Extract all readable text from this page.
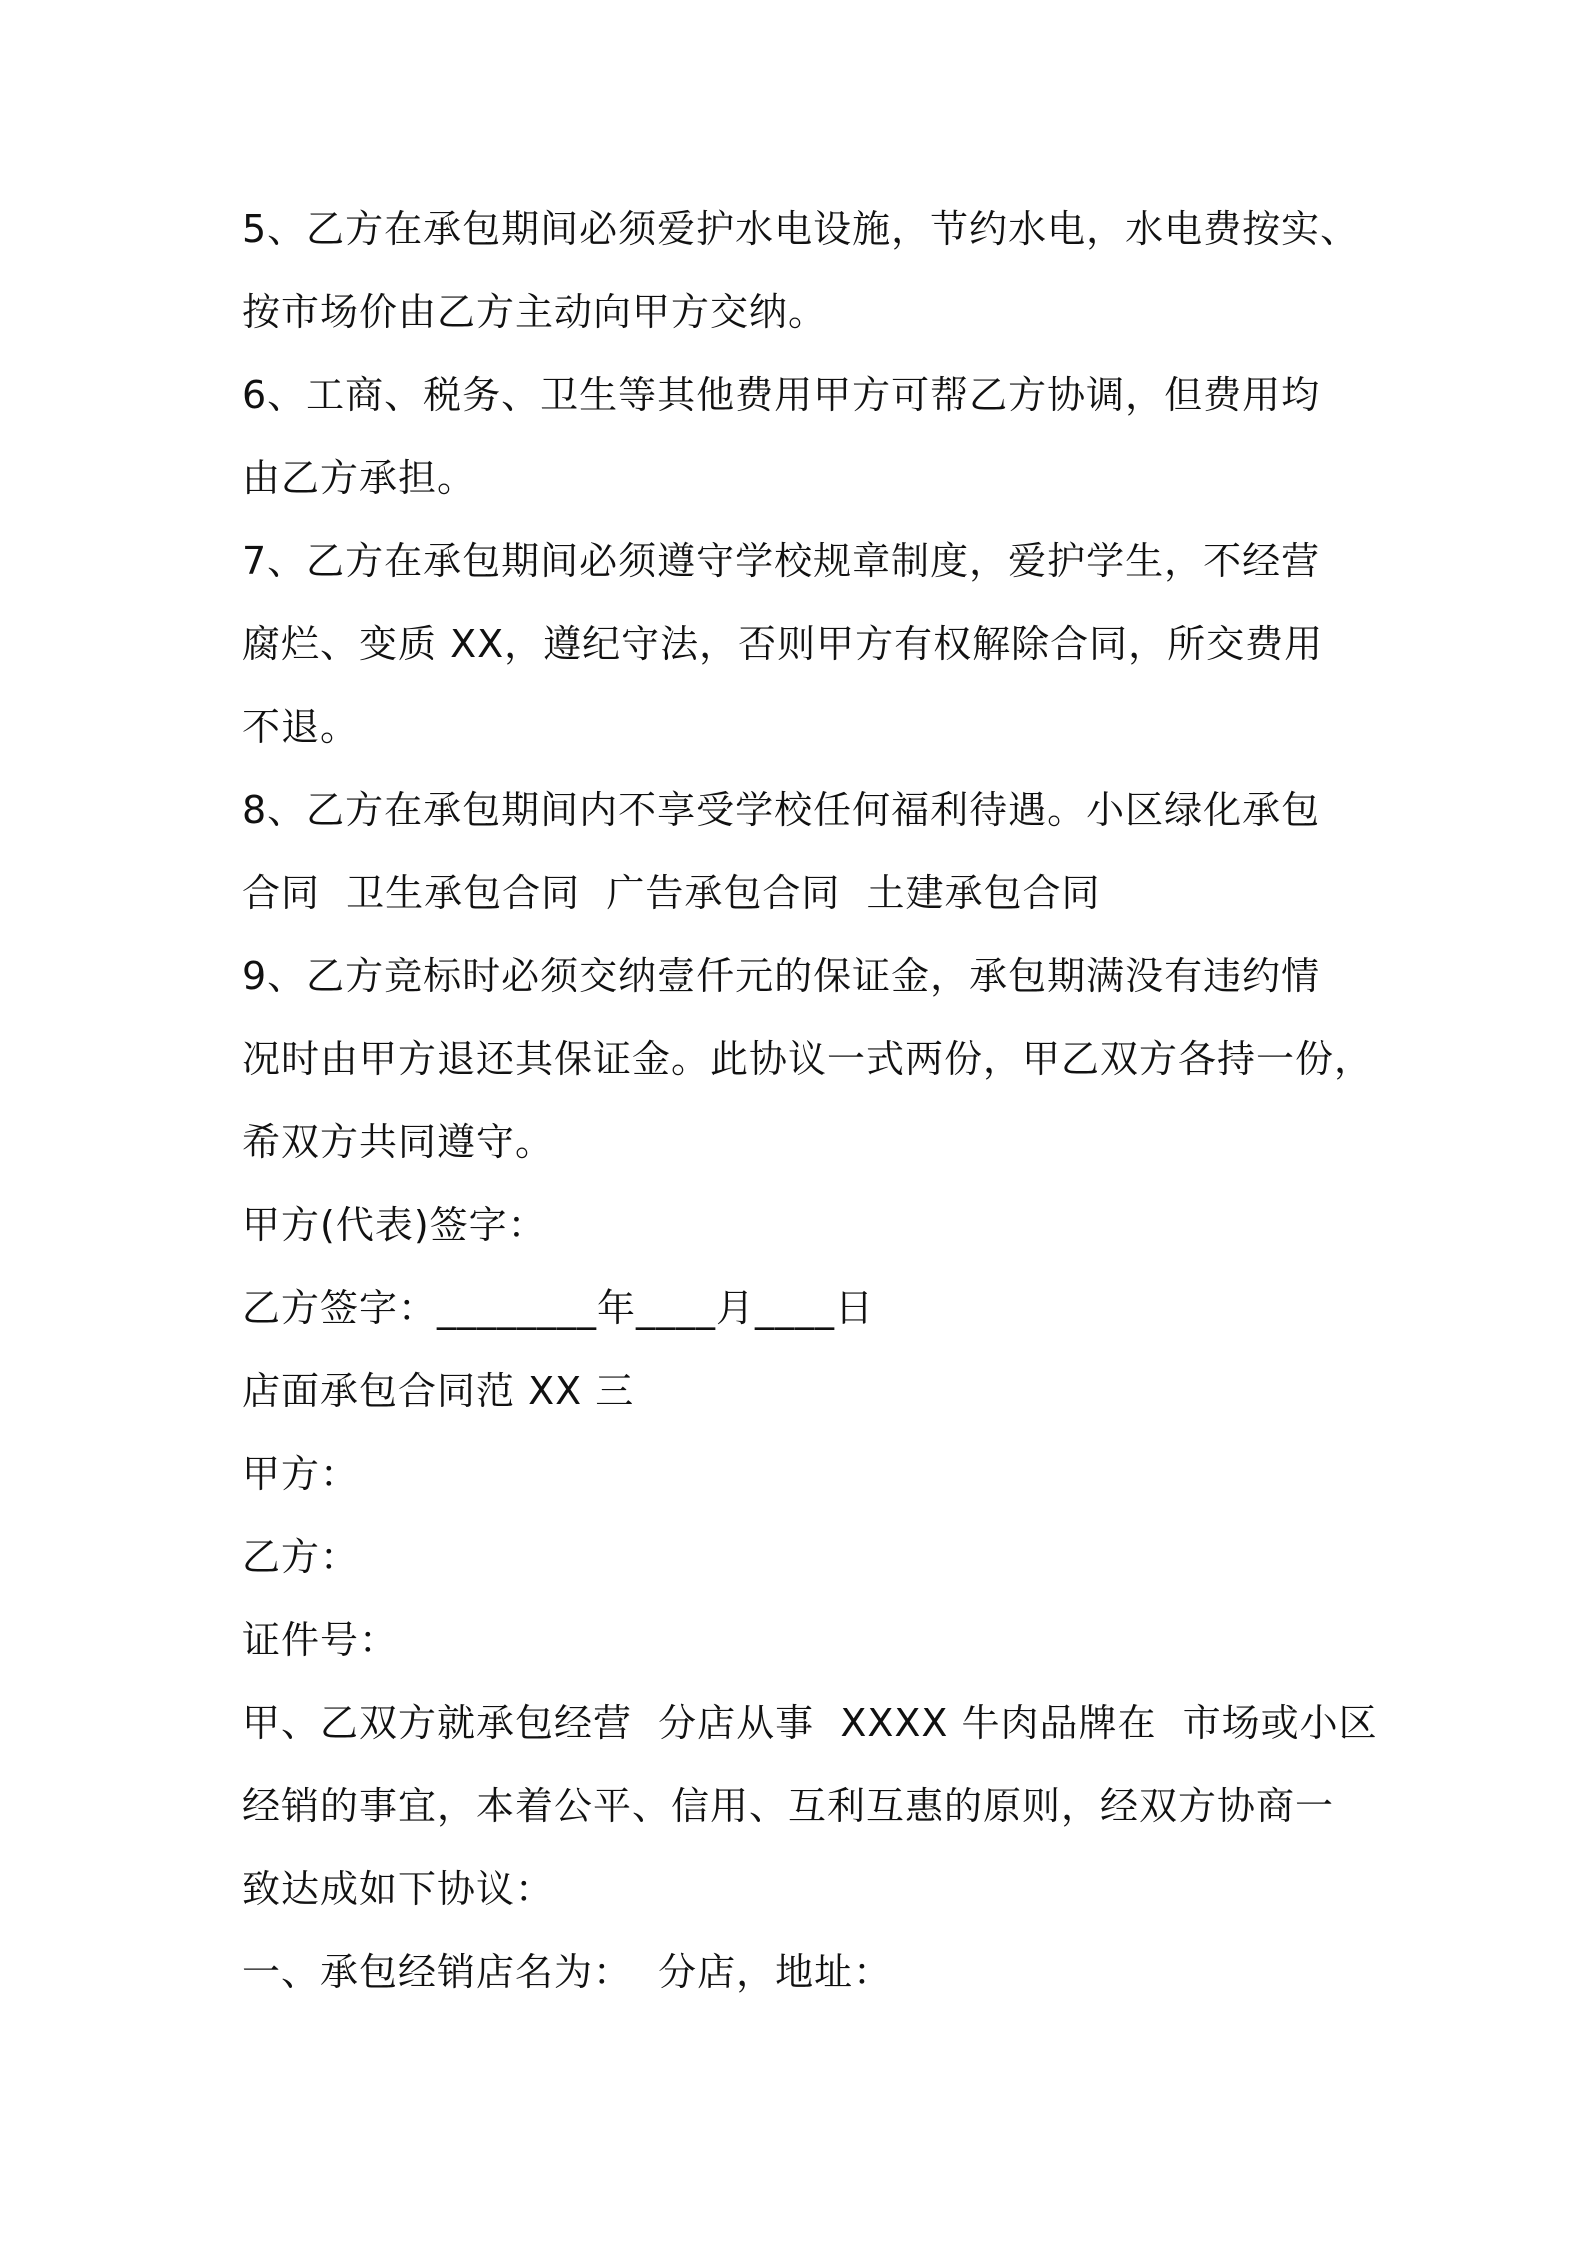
5、乙方在承包期间必须爱护水电设施，节约水电，水电费按实、
按市场价由乙方主动向甲方交纳。
6、工商、税务、卫生等其他费用甲方可帮乙方协调，但费用均
由乙方承担。
7、乙方在承包期间必须遵守学校规章制度，爱护学生，不经营
腐烂、变质 XX，遵纪守法，否则甲方有权解除合同，所交费用
不退。
8、乙方在承包期间内不享受学校任何福利待遇。小区绿化承包
合同  卫生承包合同  广告承包合同  土建承包合同
9、乙方竞标时必须交纳壹仟元的保证金，承包期满没有违约情
况时由甲方退还其保证金。此协议一式两份，甲乙双方各持一份，
希双方共同遵守。
甲方(代表)签字：
乙方签字：________年____月____日
店面承包合同范 XX 三
甲方：
乙方：
证件号：
甲、乙双方就承包经营  分店从事  XXXX 牛肉品牌在  市场或小区
经销的事宜，本着公平、信用、互利互惠的原则，经双方协商一
致达成如下协议：
一、承包经销店名为：  分店，地址：
